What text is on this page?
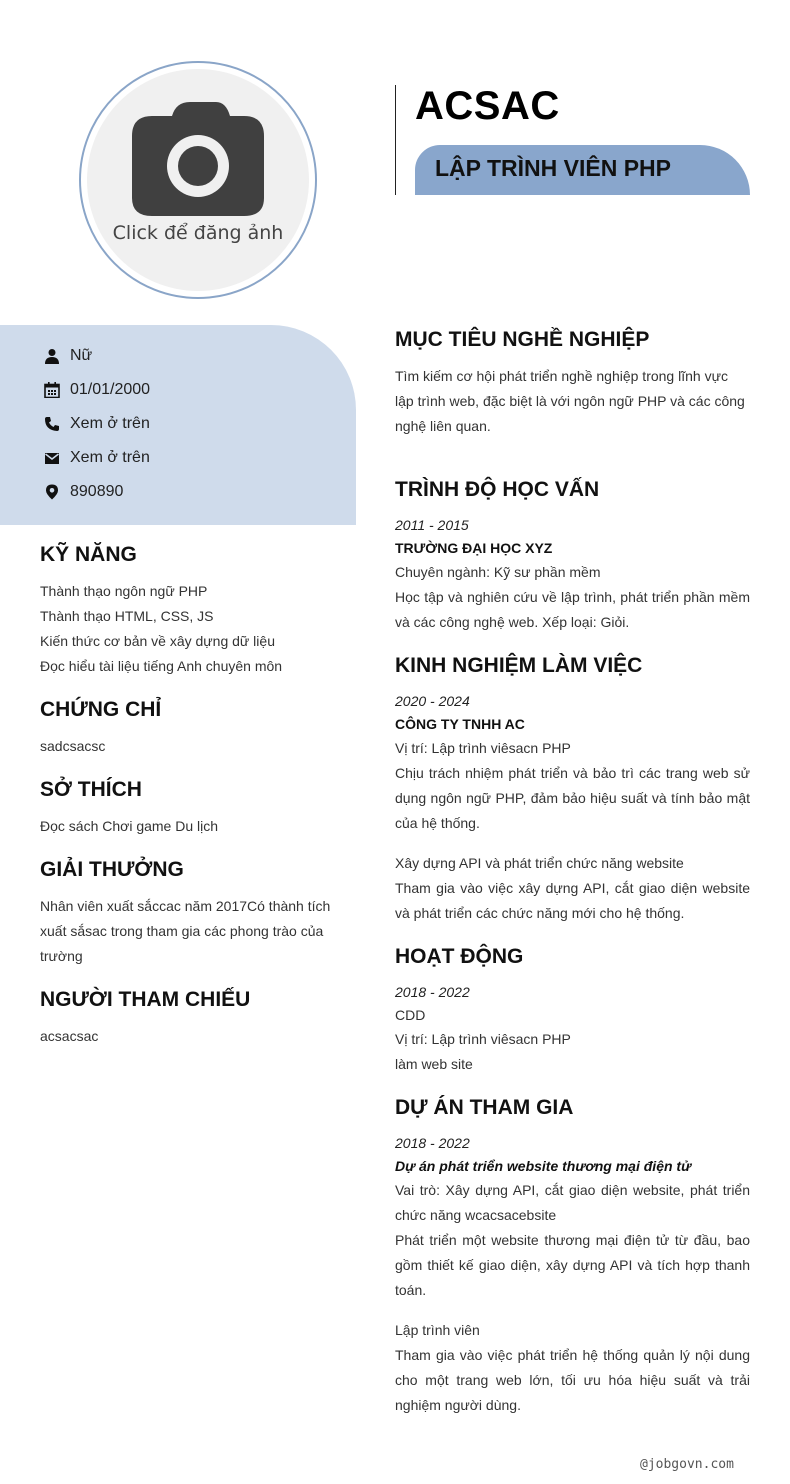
Click để đăng ảnh
ACSAC
LẬP TRÌNH VIÊN PHP
Nữ
01/01/2000
Xem ở trên
Xem ở trên
890890
KỸ NĂNG
Thành thạo ngôn ngữ PHP
Thành thạo HTML, CSS, JS
Kiến thức cơ bản về xây dựng dữ liệu
Đọc hiểu tài liệu tiếng Anh chuyên môn
CHỨNG CHỈ
sadcsacsc
SỞ THÍCH
Đọc sách Chơi game Du lịch
GIẢI THƯỞNG
Nhân viên xuất sắccac năm 2017Có thành tích xuất sắsac trong tham gia các phong trào của trường
NGƯỜI THAM CHIẾU
acsacsac
MỤC TIÊU NGHỀ NGHIỆP
Tìm kiếm cơ hội phát triển nghề nghiệp trong lĩnh vực lập trình web, đặc biệt là với ngôn ngữ PHP và các công nghệ liên quan.
TRÌNH ĐỘ HỌC VẤN
2011 - 2015
TRƯỜNG ĐẠI HỌC XYZ
Chuyên ngành: Kỹ sư phần mềm
Học tập và nghiên cứu về lập trình, phát triển phần mềm và các công nghệ web. Xếp loại: Giỏi.
KINH NGHIỆM LÀM VIỆC
2020 - 2024
CÔNG TY TNHH AC
Vị trí: Lập trình viêsacn PHP
Chịu trách nhiệm phát triển và bảo trì các trang web sử dụng ngôn ngữ PHP, đảm bảo hiệu suất và tính bảo mật của hệ thống.
Xây dựng API và phát triển chức năng website
Tham gia vào việc xây dựng API, cắt giao diện website và phát triển các chức năng mới cho hệ thống.
HOẠT ĐỘNG
2018 - 2022
CDD
Vị trí: Lập trình viêsacn PHP
làm web site
DỰ ÁN THAM GIA
2018 - 2022
Dự án phát triển website thương mại điện tử
Vai trò: Xây dựng API, cắt giao diện website, phát triển chức năng wcacsacebsite
Phát triển một website thương mại điện tử từ đầu, bao gồm thiết kế giao diện, xây dựng API và tích hợp thanh toán.
Lập trình viên
Tham gia vào việc phát triển hệ thống quản lý nội dung cho một trang web lớn, tối ưu hóa hiệu suất và trải nghiệm người dùng.
@jobgovn.com
